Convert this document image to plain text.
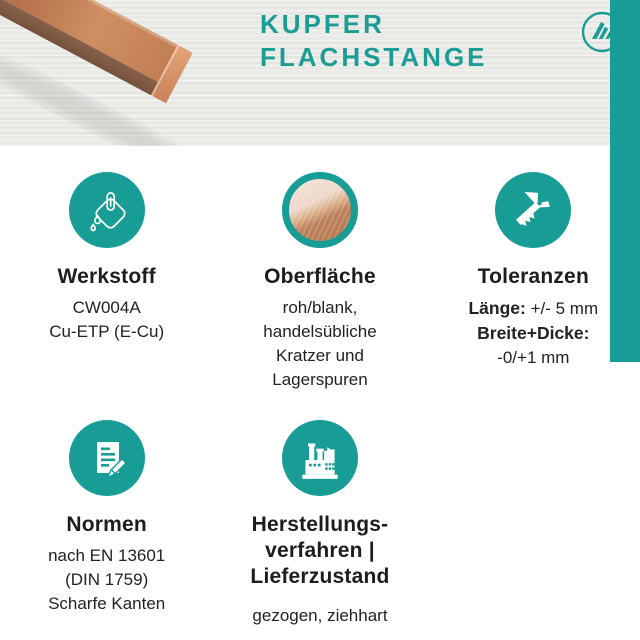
KUPFER
FLACHSTANGE
Werkstoff
CW004A
Cu-ETP (E-Cu)
Oberfläche
roh/blank,
handelsübliche
Kratzer und
Lagerspuren
Toleranzen
Länge: +/- 5 mm
Breite+Dicke:
-0/+1 mm
Normen
nach EN 13601
(DIN 1759)
Scharfe Kanten
Herstellungs-
verfahren |
Lieferzustand
gezogen, ziehhart
